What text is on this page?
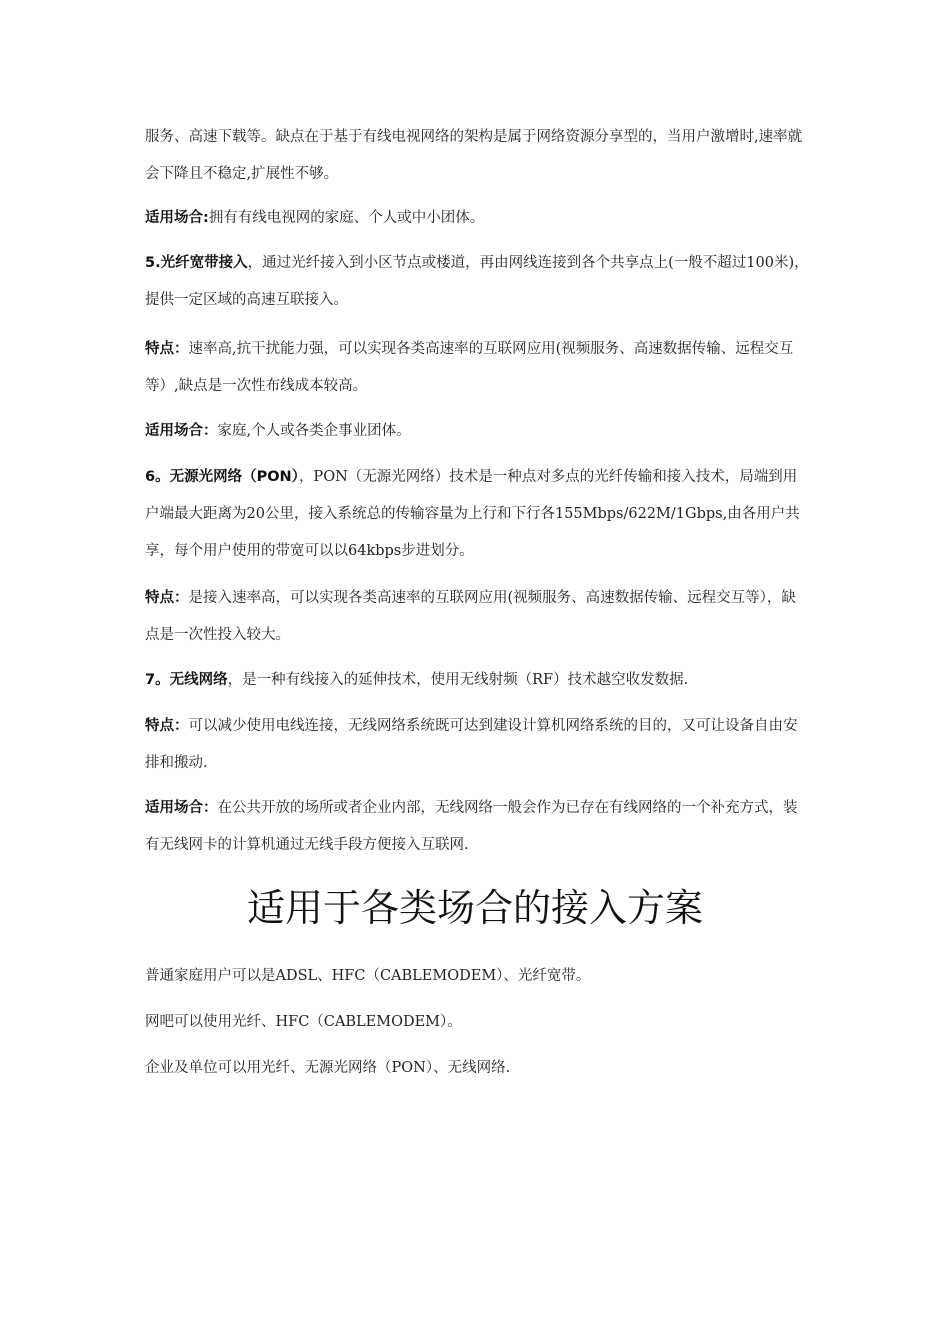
服务、高速下载等。缺点在于基于有线电视网络的架构是属于网络资源分享型的，当用户激增时,速率就会下降且不稳定,扩展性不够。

适用场合:拥有有线电视网的家庭、个人或中小团体。

5.光纤宽带接入，通过光纤接入到小区节点或楼道，再由网线连接到各个共享点上(一般不超过100米)，提供一定区域的高速互联接入。

特点：速率高,抗干扰能力强，可以实现各类高速率的互联网应用(视频服务、高速数据传输、远程交互等）,缺点是一次性布线成本较高。

适用场合：家庭,个人或各类企事业团体。

6。无源光网络（PON），PON（无源光网络）技术是一种点对多点的光纤传输和接入技术，局端到用户端最大距离为20公里，接入系统总的传输容量为上行和下行各155Mbps/622M/1Gbps,由各用户共享，每个用户使用的带宽可以以64kbps步进划分。

特点：是接入速率高，可以实现各类高速率的互联网应用(视频服务、高速数据传输、远程交互等），缺点是一次性投入较大。

7。无线网络，是一种有线接入的延伸技术，使用无线射频（RF）技术越空收发数据.

特点：可以减少使用电线连接，无线网络系统既可达到建设计算机网络系统的目的，又可让设备自由安排和搬动.

适用场合：在公共开放的场所或者企业内部，无线网络一般会作为已存在有线网络的一个补充方式，装有无线网卡的计算机通过无线手段方便接入互联网.

适用于各类场合的接入方案

普通家庭用户可以是ADSL、HFC（CABLEMODEM）、光纤宽带。

网吧可以使用光纤、HFC（CABLEMODEM）。

企业及单位可以用光纤、无源光网络（PON）、无线网络.
